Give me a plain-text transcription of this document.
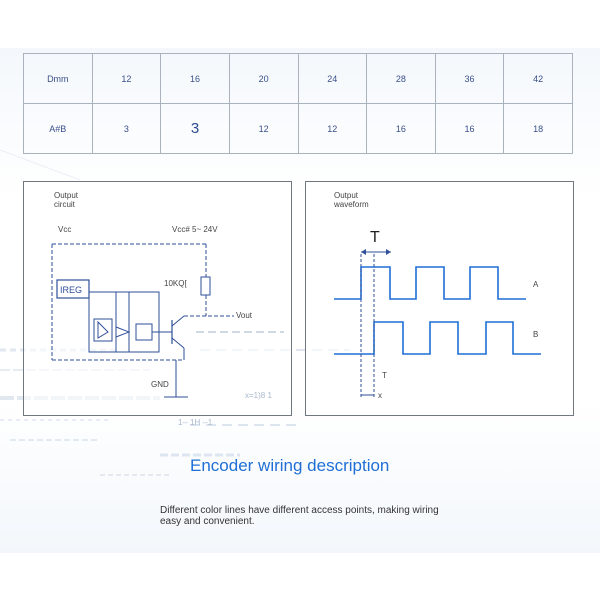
Dmm	12	16	20	24	28	36	42
A#B	3	3	12	12	16	16	18
Output
circuit
Vcc	Vcc# 5~ 24V
IREG
10KQ[
Vout
GND
Output
waveform
T
A
B
T
x
x=1)8 1
1-- 1H --1
Encoder wiring description
Different color lines have different access points, making wiring easy and convenient.
